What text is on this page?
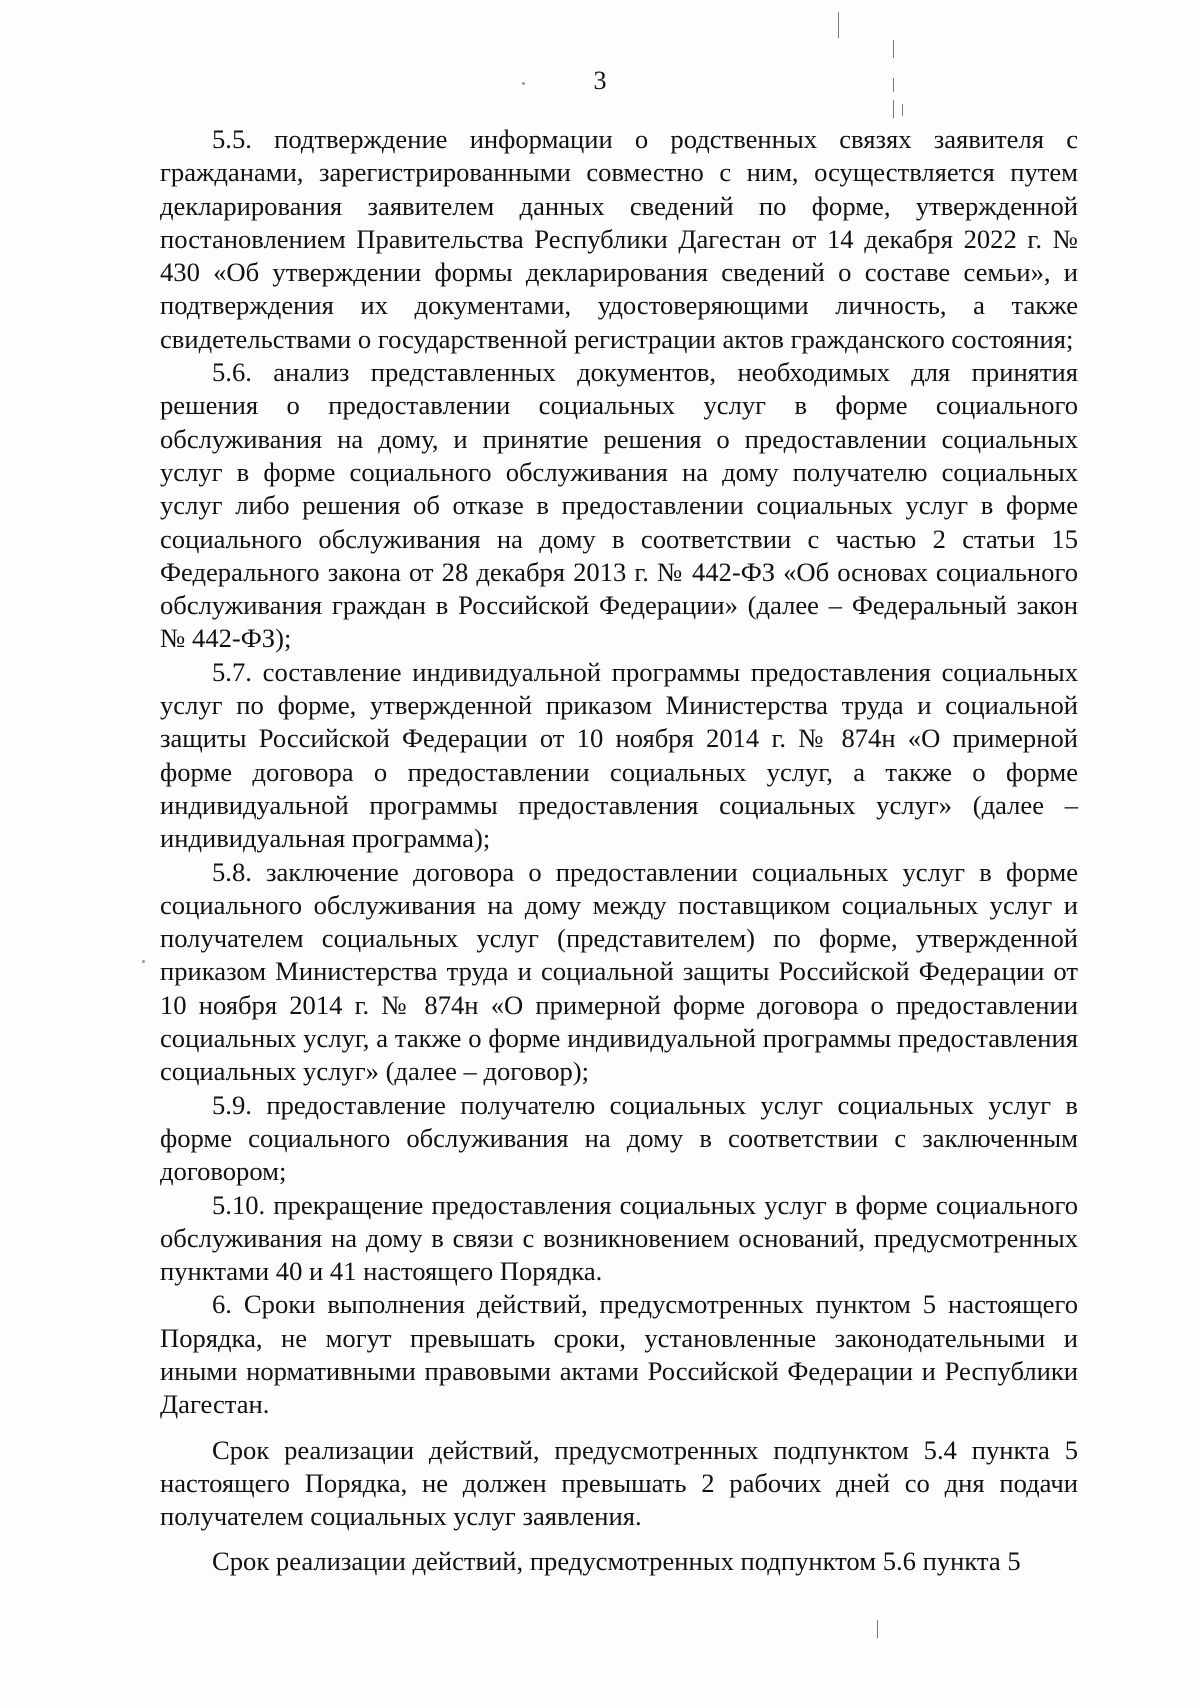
3

5.5. подтверждение информации о родственных связях заявителя с гражданами, зарегистрированными совместно с ним, осуществляется путем декларирования заявителем данных сведений по форме, утвержденной постановлением Правительства Республики Дагестан от 14 декабря 2022 г. № 430 «Об утверждении формы декларирования сведений о составе семьи», и подтверждения их документами, удостоверяющими личность, а также свидетельствами о государственной регистрации актов гражданского состояния;

5.6. анализ представленных документов, необходимых для принятия решения о предоставлении социальных услуг в форме социального обслуживания на дому, и принятие решения о предоставлении социальных услуг в форме социального обслуживания на дому получателю социальных услуг либо решения об отказе в предоставлении социальных услуг в форме социального обслуживания на дому в соответствии с частью 2 статьи 15 Федерального закона от 28 декабря 2013 г. № 442-ФЗ «Об основах социального обслуживания граждан в Российской Федерации» (далее – Федеральный закон № 442-ФЗ);

5.7. составление индивидуальной программы предоставления социальных услуг по форме, утвержденной приказом Министерства труда и социальной защиты Российской Федерации от 10 ноября 2014 г. № 874н «О примерной форме договора о предоставлении социальных услуг, а также о форме индивидуальной программы предоставления социальных услуг» (далее – индивидуальная программа);

5.8. заключение договора о предоставлении социальных услуг в форме социального обслуживания на дому между поставщиком социальных услуг и получателем социальных услуг (представителем) по форме, утвержденной приказом Министерства труда и социальной защиты Российской Федерации от 10 ноября 2014 г. № 874н «О примерной форме договора о предоставлении социальных услуг, а также о форме индивидуальной программы предоставления социальных услуг» (далее – договор);

5.9. предоставление получателю социальных услуг социальных услуг в форме социального обслуживания на дому в соответствии с заключенным договором;

5.10. прекращение предоставления социальных услуг в форме социального обслуживания на дому в связи с возникновением оснований, предусмотренных пунктами 40 и 41 настоящего Порядка.

6. Сроки выполнения действий, предусмотренных пунктом 5 настоящего Порядка, не могут превышать сроки, установленные законодательными и иными нормативными правовыми актами Российской Федерации и Республики Дагестан.

Срок реализации действий, предусмотренных подпунктом 5.4 пункта 5 настоящего Порядка, не должен превышать 2 рабочих дней со дня подачи получателем социальных услуг заявления.

Срок реализации действий, предусмотренных подпунктом 5.6 пункта 5
